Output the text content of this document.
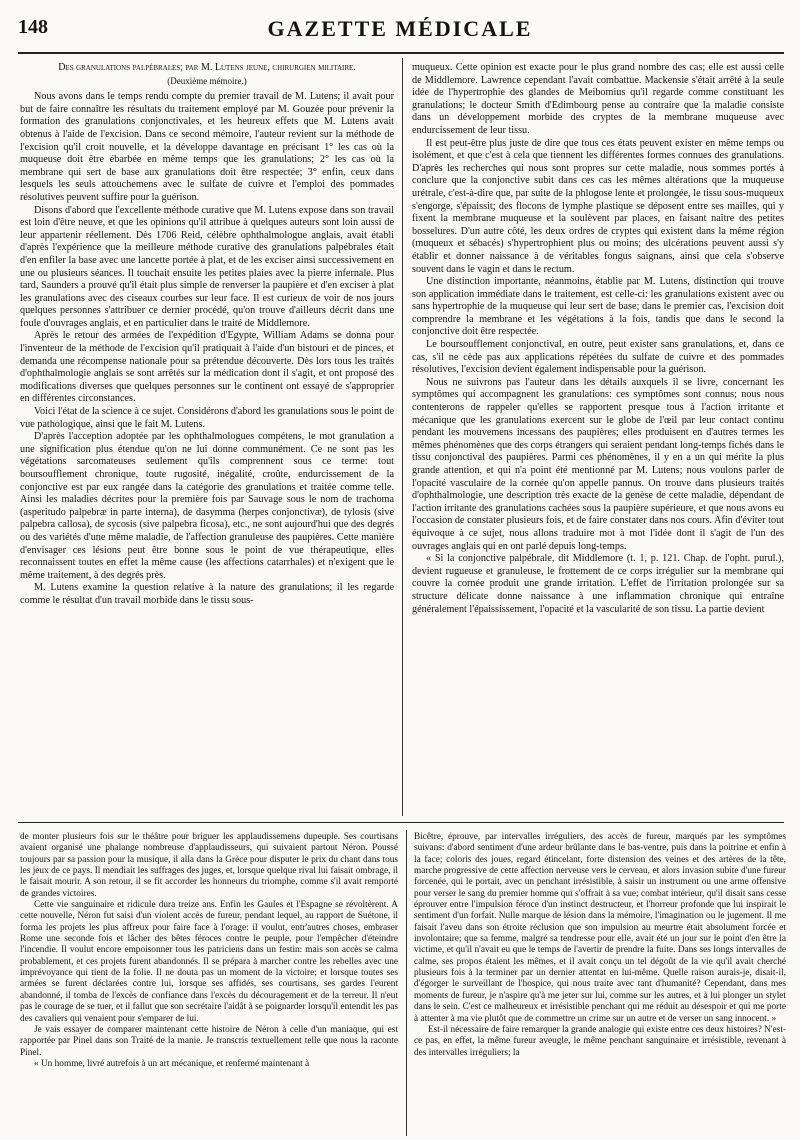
148	GAZETTE MÉDICALE

Des granulations palpébrales; par M. Lutens jeune, chirurgien militaire.

(Deuxième mémoire.)

Nous avons dans le temps rendu compte du premier travail de M. Lutens; il avait pour but de faire connaître les résultats du traitement employé par M. Gouzée pour prévenir la formation des granulations conjonctivales, et les heureux effets que M. Lutens avait obtenus à l'aide de l'excision. Dans ce second mémoire, l'auteur revient sur la méthode de l'excision qu'il croit nouvelle, et la développe davantage en précisant 1° les cas où la muqueuse doit être ébarbée en même temps que les granulations; 2° les cas où la membrane qui sert de base aux granulations doit être respectée; 3° enfin, ceux dans lesquels les seuls attouchemens avec le sulfate de cuivre et l'emploi des pommades résolutives peuvent suffire pour la guérison.

Disons d'abord que l'excellente méthode curative que M. Lutens expose dans son travail est loin d'être neuve, et que les opinions qu'il attribue à quelques auteurs sont loin aussi de leur appartenir réellement. Dès 1706 Reid, célèbre ophthalmologue anglais, avait établi d'après l'expérience que la meilleure méthode curative des granulations palpébrales était d'en enfiler la base avec une lancette portée à plat, et de les exciser ainsi successivement en une ou plusieurs séances. Il touchait ensuite les petites plaies avec la pierre infernale. Plus tard, Saunders a prouvé qu'il était plus simple de renverser la paupière et d'en exciser à plat les granulations avec des ciseaux courbes sur leur face. Il est curieux de voir de nos jours quelques personnes s'attribuer ce dernier procédé, qu'on trouve d'ailleurs décrit dans une foule d'ouvrages anglais, et en particulier dans le traité de Middlemore.

Après le retour des armées de l'expédition d'Egypte, William Adams se donna pour l'inventeur de la méthode de l'excision qu'il pratiquait à l'aide d'un bistouri et de pinces, et demanda une récompense nationale pour sa prétendue découverte. Dès lors tous les traités d'ophthalmologie anglais se sont arrêtés sur la médication dont il s'agit, et ont proposé des modifications diverses que quelques personnes sur le continent ont essayé de s'approprier en différentes circonstances.

Voici l'état de la science à ce sujet. Considérons d'abord les granulations sous le point de vue pathologique, ainsi que le fait M. Lutens.

D'après l'acception adoptée par les ophthalmologues compétens, le mot granulation a une signification plus étendue qu'on ne lui donne communément. Ce ne sont pas les végétations sarcomateuses seulement qu'ils comprennent sous ce terme: tout boursoufflement chronique, toute rugosité, inégalité, croûte, endurcissement de la conjonctive est par eux rangée dans la catégorie des granulations et traitée comme telle. Ainsi les maladies décrites pour la première fois par Sauvage sous le nom de trachoma (asperitudo palpebræ in parte interna), de dasymma (herpes conjonctivæ), de tylosis (sive palpebra callosa), de sycosis (sive palpebra ficosa), etc., ne sont aujourd'hui que des degrés ou des variétés d'une même maladie, de l'affection granuleuse des paupières. Cette manière d'envisager ces lésions peut être bonne sous le point de vue thérapeutique, elles reconnaissent toutes en effet la même cause (les affections catarrhales) et n'exigent que le même traitement, à des degrés près.

M. Lutens examine la question relative à la nature des granulations; il les regarde comme le résultat d'un travail morbide dans le tissu sous-

muqueux. Cette opinion est exacte pour le plus grand nombre des cas; elle est aussi celle de Middlemore. Lawrence cependant l'avait combattue. Mackensie s'était arrêté à la seule idée de l'hypertrophie des glandes de Meibomius qu'il regarde comme constituant les granulations; le docteur Smith d'Edimbourg pense au contraire que la maladie consiste dans un développement morbide des cryptes de la membrane muqueuse avec endurcissement de leur tissu.

Il est peut-être plus juste de dire que tous ces états peuvent exister en même temps ou isolément, et que c'est à cela que tiennent les différentes formes connues des granulations. D'après les recherches qui nous sont propres sur cette maladie, nous sommes portés à conclure que la conjonctive subit dans ces cas les mêmes altérations que la muqueuse urétrale, c'est-à-dire que, par suite de la phlogose lente et prolongée, le tissu sous-muqueux s'engorge, s'épaissit; des flocons de lymphe plastique se déposent entre ses mailles, qui y fixent la membrane muqueuse et la soulèvent par places, en faisant naître des petites bosselures. D'un autre côté, les deux ordres de cryptes qui existent dans la même région (muqueux et sébacés) s'hypertrophient plus ou moins; des ulcérations peuvent aussi s'y établir et donner naissance à de véritables fongus saignans, ainsi que cela s'observe souvent dans le vagin et dans le rectum.

Une distinction importante, néanmoins, établie par M. Lutens, distinction qui trouve son application immédiate dans le traitement, est celle-ci: les granulations existent avec ou sans hypertrophie de la muqueuse qui leur sert de base; dans le premier cas, l'excision doit comprendre la membrane et les végétations à la fois, tandis que dans le second la conjonctive doit être respectée.

Le boursoufflement conjonctival, en outre, peut exister sans granulations, et, dans ce cas, s'il ne cède pas aux applications répétées du sulfate de cuivre et des pommades résolutives, l'excision devient également indispensable pour la guérison.

Nous ne suivrons pas l'auteur dans les détails auxquels il se livre, concernant les symptômes qui accompagnent les granulations: ces symptômes sont connus; nous nous contenterons de rappeler qu'elles se rapportent presque tous à l'action irritante et mécanique que les granulations exercent sur le globe de l'œil par leur contact continu pendant les mouvemens incessans des paupières; elles produisent en d'autres termes les mêmes phénomènes que des corps étrangers qui seraient pendant long-temps fichés dans le tissu conjonctival des paupières. Parmi ces phénomènes, il y en a un qui mérite la plus grande attention, et qui n'a point été mentionné par M. Lutens; nous voulons parler de l'opacité vasculaire de la cornée qu'on appelle pannus. On trouve dans plusieurs traités d'ophthalmologie, une description très exacte de la genèse de cette maladie, dépendant de l'action irritante des granulations cachées sous la paupière supérieure, et que nous avons eu l'occasion de constater plusieurs fois, et de faire constater dans nos cours. Afin d'éviter tout équivoque à ce sujet, nous allons traduire mot à mot l'idée dont il s'agit de l'un des ouvrages anglais qui en ont parlé depuis long-temps.

« Si la conjonctive palpébrale, dit Middlemore (t. 1, p. 121. Chap. de l'opht. purul.), devient rugueuse et granuleuse, le frottement de ce corps irrégulier sur la membrane qui couvre la cornée produit une grande irritation. L'effet de l'irritation prolongée sur sa structure délicate donne naissance à une inflammation chronique qui entraîne généralement l'épaississement, l'opacité et la vascularité de son tissu. La partie devient

de monter plusieurs fois sur le théâtre pour briguer les applaudissemens dupeuple. Ses courtisans avaient organisé une phalange nombreuse d'applaudisseurs, qui suivaient partout Néron. Poussé toujours par sa passion pour la musique, il alla dans la Grèce pour disputer le prix du chant dans tous les jeux de ce pays. Il mendiait les suffrages des juges, et, lorsque quelque rival lui faisait ombrage, il le faisait mourir. A son retour, il se fit accorder les honneurs du triomphe, comme s'il avait remporté de grandes victoires.

Cette vie sanguinaire et ridicule dura treize ans. Enfin les Gaules et l'Espagne se révoltèrent. A cette nouvelle, Néron fut saisi d'un violent accès de fureur, pendant lequel, au rapport de Suétone, il forma les projets les plus affreux pour faire face à l'orage: il voulut, entr'autres choses, embraser Rome une seconde fois et lâcher des bêtes féroces contre le peuple, pour l'empêcher d'éteindre l'incendie. Il voulut encore empoisonner tous les patriciens dans un festin: mais son accès se calma probablement, et ces projets furent abandonnés. Il se prépara à marcher contre les rebelles avec une imprévoyance qui tient de la folie. Il ne douta pas un moment de la victoire; et lorsque toutes ses armées se furent déclarées contre lui, lorsque ses affidés, ses courtisans, ses gardes l'eurent abandonné, il tomba de l'excès de confiance dans l'excès du découragement et de la terreur. Il n'eut pas le courage de se tuer, et il fallut que son secrétaire l'aidât à se poignarder lorsqu'il entendit les pas des cavaliers qui venaient pour s'emparer de lui.

Je vais essayer de comparer maintenant cette histoire de Néron à celle d'un maniaque, qui est rapportée par Pinel dans son Traité de la manie. Je transcris textuellement telle que nous la raconte Pinel.

« Un homme, livré autrefois à un art mécanique, et renfermé maintenant à

Bicêtre, éprouve, par intervalles irréguliers, des accès de fureur, marqués par les symptômes suivans: d'abord sentiment d'une ardeur brûlante dans le bas-ventre, puis dans la poitrine et enfin à la face; coloris des joues, regard étincelant, forte distension des veines et des artères de la tête, marche progressive de cette affection nerveuse vers le cerveau, et alors invasion subite d'une fureur forcenée, qui le portait, avec un penchant irrésistible, à saisir un instrument ou une arme offensive pour verser le sang du premier homme qui s'offrait à sa vue; combat intérieur, qu'il disait sans cesse éprouver entre l'impulsion féroce d'un instinct destructeur, et l'horreur profonde que lui inspirait le sentiment d'un forfait. Nulle marque de lésion dans la mémoire, l'imagination ou le jugement. Il me faisait l'aveu dans son étroite réclusion que son impulsion au meurtre était absolument forcée et involontaire; que sa femme, malgré sa tendresse pour elle, avait été un jour sur le point d'en être la victime, et qu'il n'avait eu que le temps de l'avertir de prendre la fuite. Dans ses longs intervalles de calme, ses propos étaient les mêmes, et il avait conçu un tel dégoût de la vie qu'il avait cherché plusieurs fois à la terminer par un dernier attentat en lui-même. Quelle raison aurais-je, disait-il, d'égorger le surveillant de l'hospice, qui nous traite avec tant d'humanité? Cependant, dans mes moments de fureur, je n'aspire qu'à me jeter sur lui, comme sur les autres, et à lui plonger un stylet dans le sein. C'est ce malheureux et irrésistible penchant qui me réduit au désespoir et qui me porte à attenter à ma vie plutôt que de commettre un crime sur un autre et de verser un sang innocent. »

Est-il nécessaire de faire remarquer la grande analogie qui existe entre ces deux histoires? N'est-ce pas, en effet, la même fureur aveugle, le même penchant sanguinaire et irrésistible, revenant à des intervalles irréguliers; la
